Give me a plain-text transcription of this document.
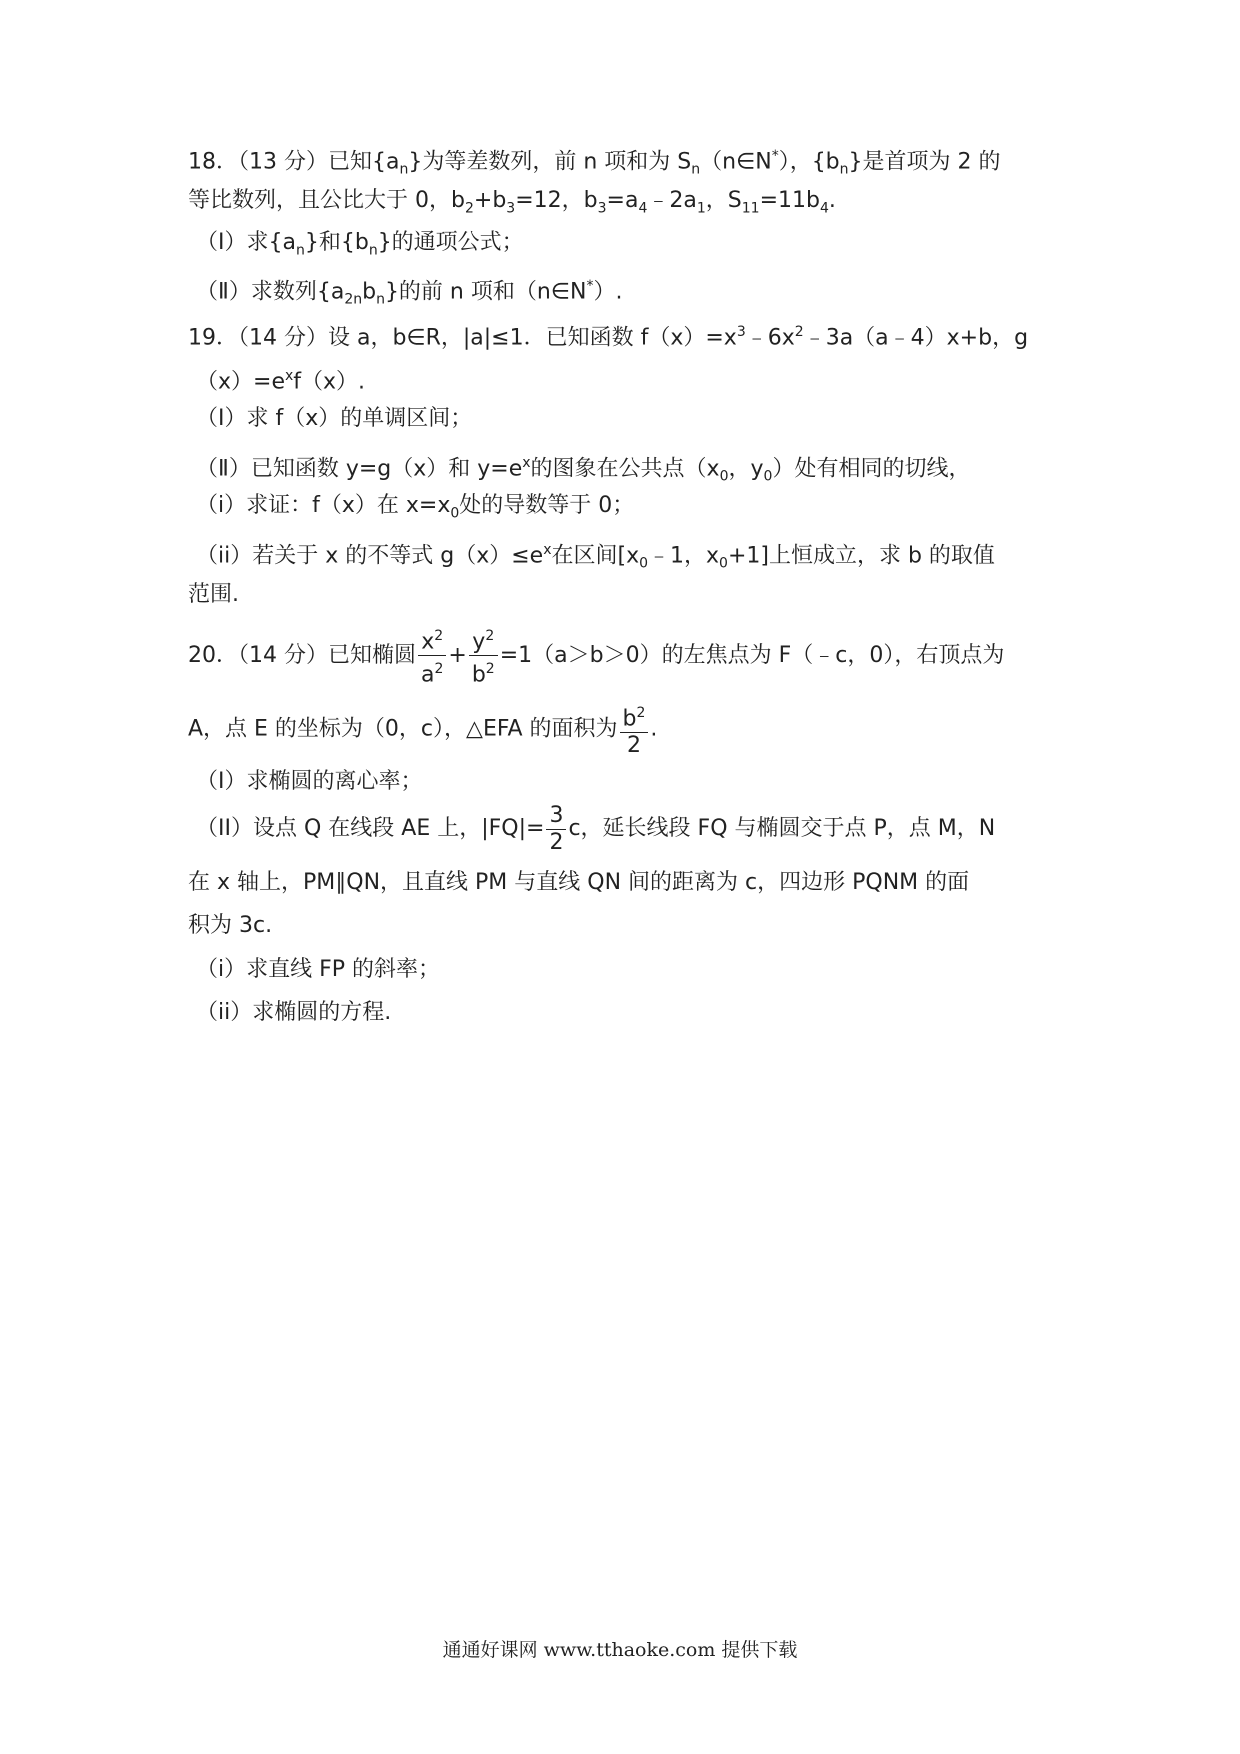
18．（13 分）已知$\{a_n\}$为等差数列，前 n 项和为 $S_n(n\in N^*)$，$\{b_n\}$是首项为 2 的
等比数列，且公比大于 0，$b_2+b_3=12$，$b_3=a_4﹣2a_1$，$S_{11}=11b_4$.
（Ⅰ）求$\{a_n\}$和$\{b_n\}$的通项公式；
（Ⅱ）求数列$\{a_{2n}b_n\}$的前 n 项和（n∈N*）.
19．（14 分）设 a，b∈R，|a|≤1．已知函数 $f(x)=x^3﹣6x^2﹣3a(a﹣4)x+b$，g
$(x)=e^xf(x)$.
（Ⅰ）求 f（x）的单调区间；
（Ⅱ）已知函数 y=g（x）和 $y=e^x$的图象在公共点（$x_0$，$y_0$）处有相同的切线，
（i）求证：f（x）在 $x=x_0$处的导数等于 0；
（ii）若关于 x 的不等式 $g(x)\le e^x$在区间[$x_0﹣1$，$x_0+1$]上恒成立，求 b 的取值
范围.
20．（14 分）已知椭圆 $\frac{x^2}{a^2} + \frac{y^2}{b^2} =1(a>b>0)$的左焦点为 F（﹣c，0），右顶点为
A，点 E 的坐标为（0，c），△EFA 的面积为 $\frac{b^2}{2}$ .
（I）求椭圆的离心率；
（II）设点 Q 在线段 AE 上，$|FQ|= \frac{3}{2}$ c，延长线段 FQ 与椭圆交于点 P，点 M，N
在 x 轴上，PM∥QN，且直线 PM 与直线 QN 间的距离为 c，四边形 PQNM 的面
积为 3c.
（i）求直线 FP 的斜率；
（ii）求椭圆的方程.
通通好课网 www.tthaoke.com 提供下载
